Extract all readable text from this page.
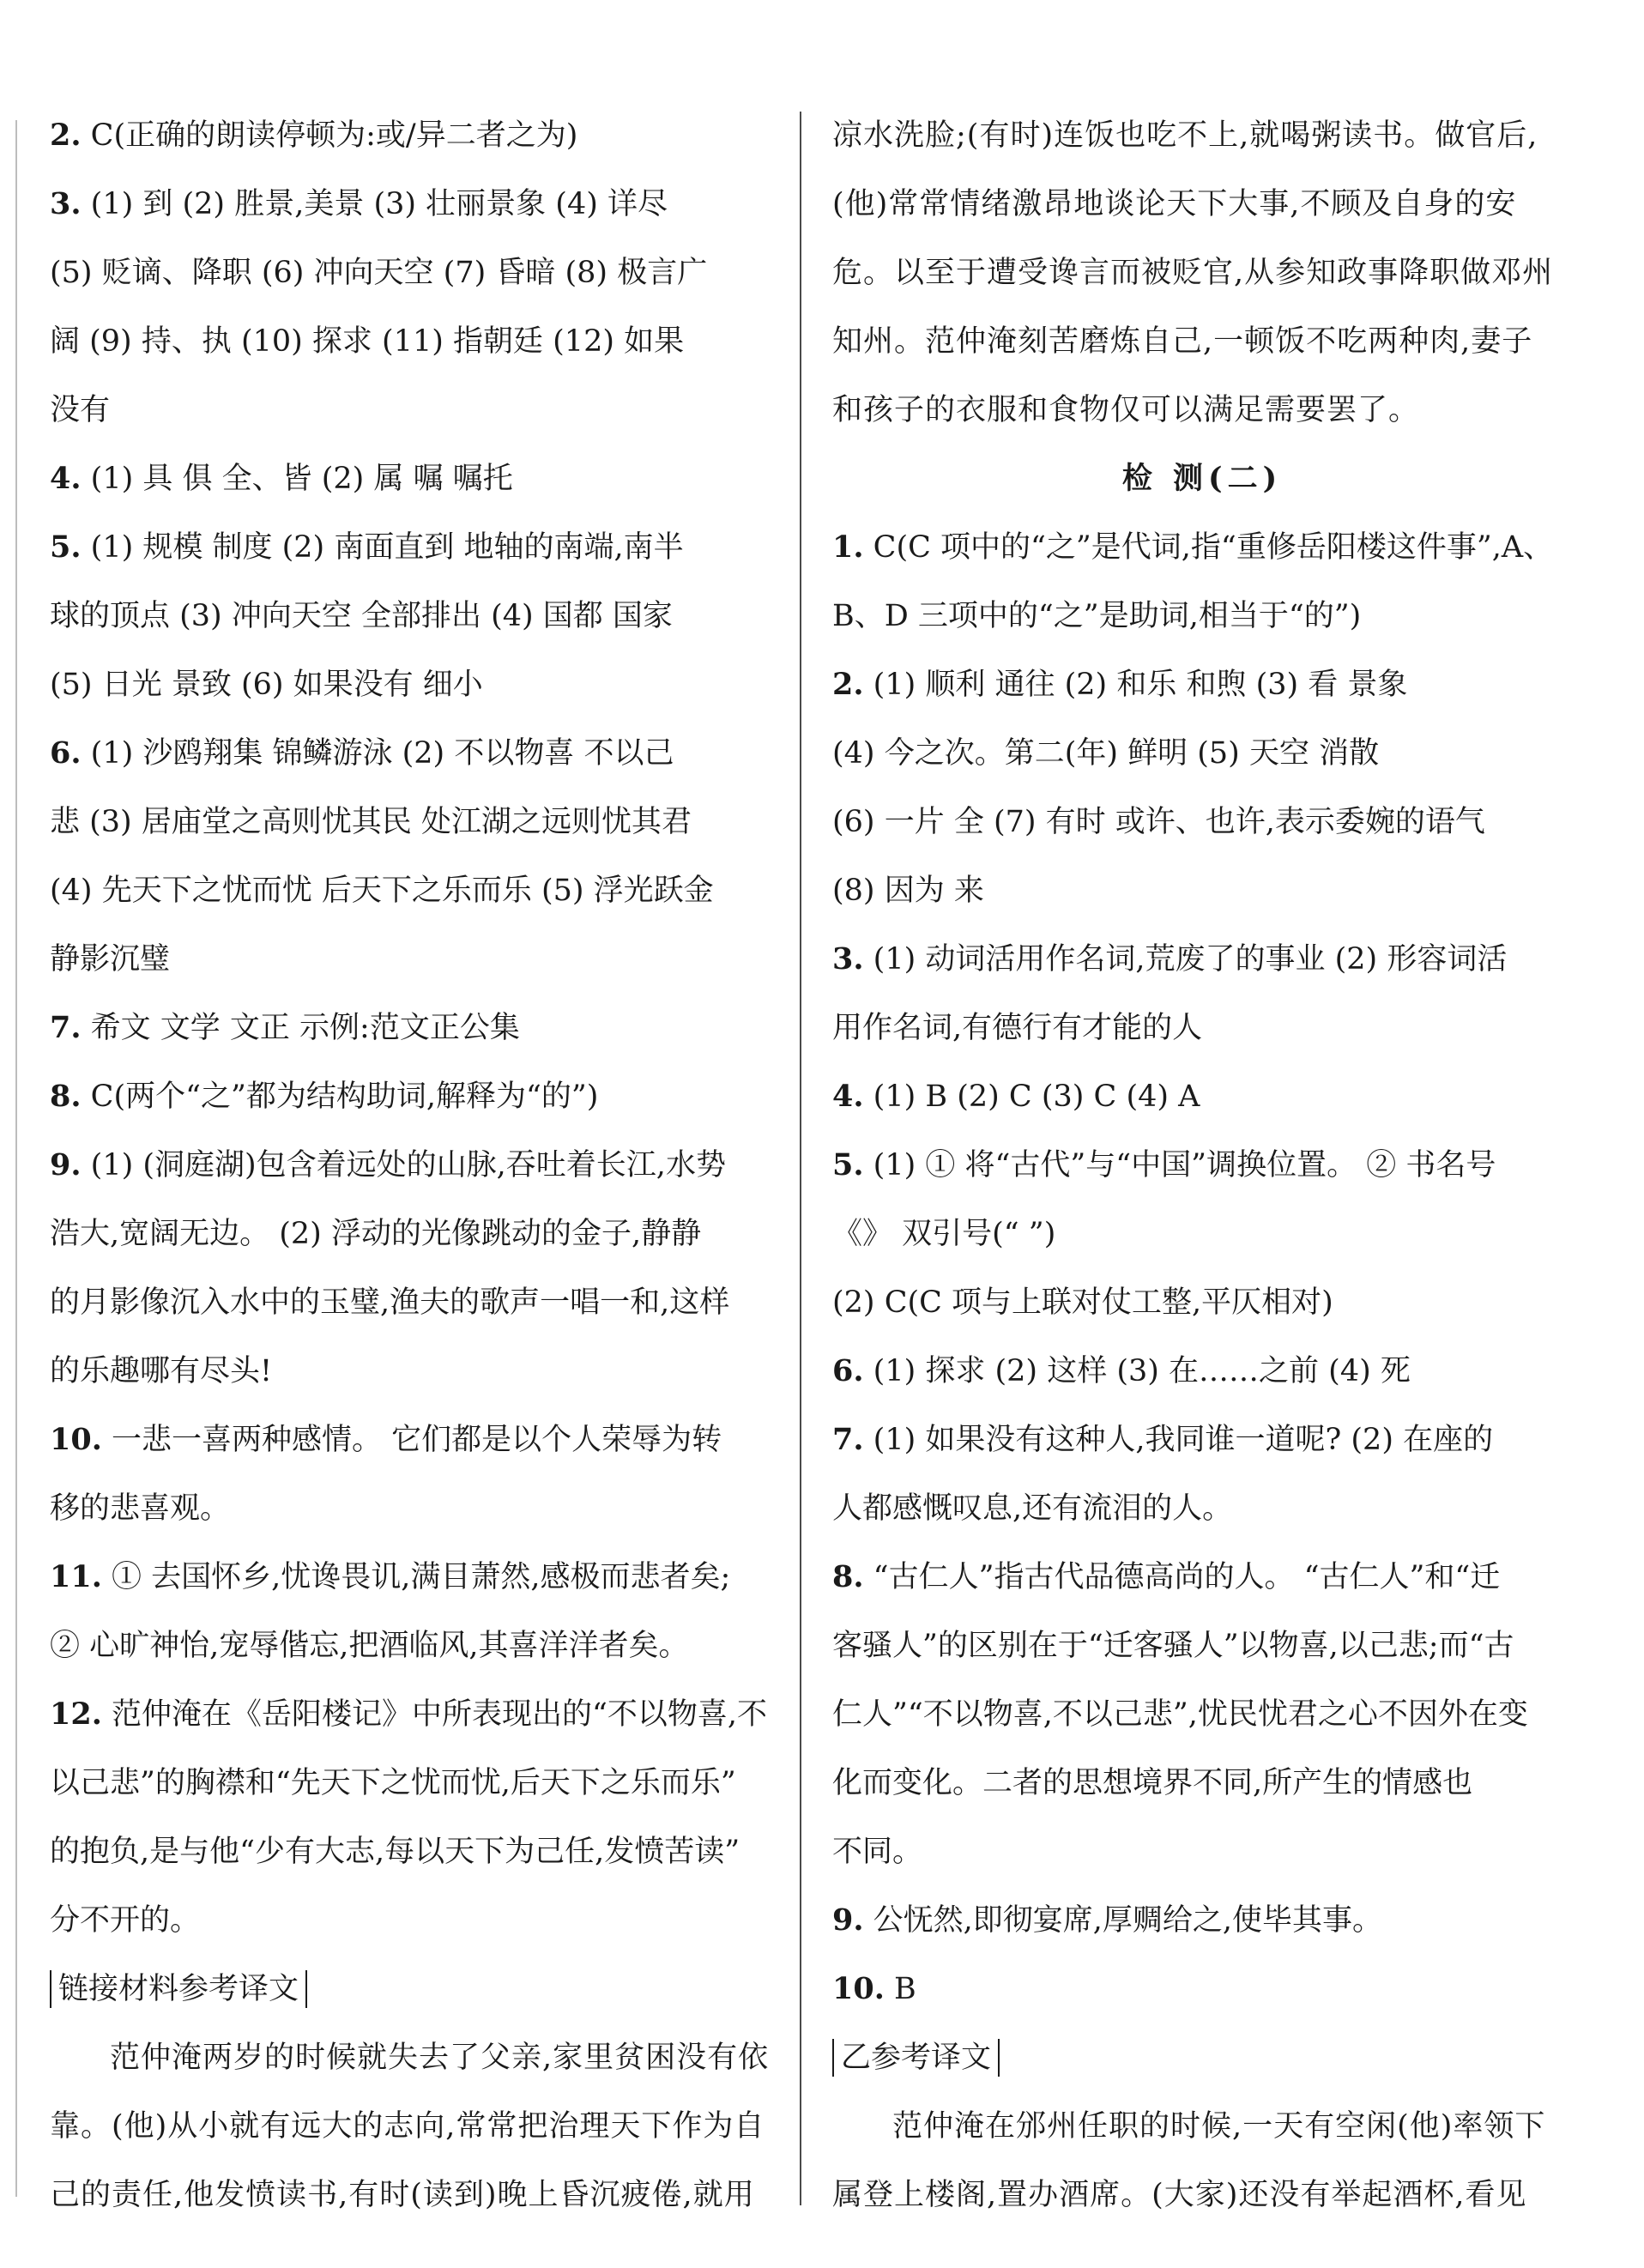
2. C(正确的朗读停顿为:或/异二者之为)
3. (1) 到 (2) 胜景,美景 (3) 壮丽景象 (4) 详尽
(5) 贬谪、降职 (6) 冲向天空 (7) 昏暗 (8) 极言广
阔 (9) 持、执 (10) 探求 (11) 指朝廷 (12) 如果
没有
4. (1) 具 俱 全、皆 (2) 属 嘱 嘱托
5. (1) 规模 制度 (2) 南面直到 地轴的南端,南半
球的顶点 (3) 冲向天空 全部排出 (4) 国都 国家
(5) 日光 景致 (6) 如果没有 细小
6. (1) 沙鸥翔集 锦鳞游泳 (2) 不以物喜 不以己
悲 (3) 居庙堂之高则忧其民 处江湖之远则忧其君
(4) 先天下之忧而忧 后天下之乐而乐 (5) 浮光跃金
静影沉璧
7. 希文 文学 文正 示例:范文正公集
8. C(两个“之”都为结构助词,解释为“的”)
9. (1) (洞庭湖)包含着远处的山脉,吞吐着长江,水势
浩大,宽阔无边。 (2) 浮动的光像跳动的金子,静静
的月影像沉入水中的玉璧,渔夫的歌声一唱一和,这样
的乐趣哪有尽头!
10. 一悲一喜两种感情。 它们都是以个人荣辱为转
移的悲喜观。
11. ① 去国怀乡,忧谗畏讥,满目萧然,感极而悲者矣;
② 心旷神怡,宠辱偕忘,把酒临风,其喜洋洋者矣。
12. 范仲淹在《岳阳楼记》中所表现出的“不以物喜,不
以己悲”的胸襟和“先天下之忧而忧,后天下之乐而乐”
的抱负,是与他“少有大志,每以天下为己任,发愤苦读”
分不开的。
链接材料参考译文
范仲淹两岁的时候就失去了父亲,家里贫困没有依
靠。(他)从小就有远大的志向,常常把治理天下作为自
己的责任,他发愤读书,有时(读到)晚上昏沉疲倦,就用
凉水洗脸;(有时)连饭也吃不上,就喝粥读书。做官后,
(他)常常情绪激昂地谈论天下大事,不顾及自身的安
危。以至于遭受谗言而被贬官,从参知政事降职做邓州
知州。范仲淹刻苦磨炼自己,一顿饭不吃两种肉,妻子
和孩子的衣服和食物仅可以满足需要罢了。
检 测(二)
1. C(C 项中的“之”是代词,指“重修岳阳楼这件事”,A、
B、D 三项中的“之”是助词,相当于“的”)
2. (1) 顺利 通往 (2) 和乐 和煦 (3) 看 景象
(4) 今之次。第二(年) 鲜明 (5) 天空 消散
(6) 一片 全 (7) 有时 或许、也许,表示委婉的语气
(8) 因为 来
3. (1) 动词活用作名词,荒废了的事业 (2) 形容词活
用作名词,有德行有才能的人
4. (1) B (2) C (3) C (4) A
5. (1) ① 将“古代”与“中国”调换位置。 ② 书名号
《》 双引号(“ ”)
(2) C(C 项与上联对仗工整,平仄相对)
6. (1) 探求 (2) 这样 (3) 在……之前 (4) 死
7. (1) 如果没有这种人,我同谁一道呢? (2) 在座的
人都感慨叹息,还有流泪的人。
8. “古仁人”指古代品德高尚的人。 “古仁人”和“迁
客骚人”的区别在于“迁客骚人”以物喜,以己悲;而“古
仁人”“不以物喜,不以己悲”,忧民忧君之心不因外在变
化而变化。二者的思想境界不同,所产生的情感也
不同。
9. 公怃然,即彻宴席,厚赒给之,使毕其事。
10. B
乙参考译文
范仲淹在邠州任职的时候,一天有空闲(他)率领下
属登上楼阁,置办酒席。(大家)还没有举起酒杯,看见
